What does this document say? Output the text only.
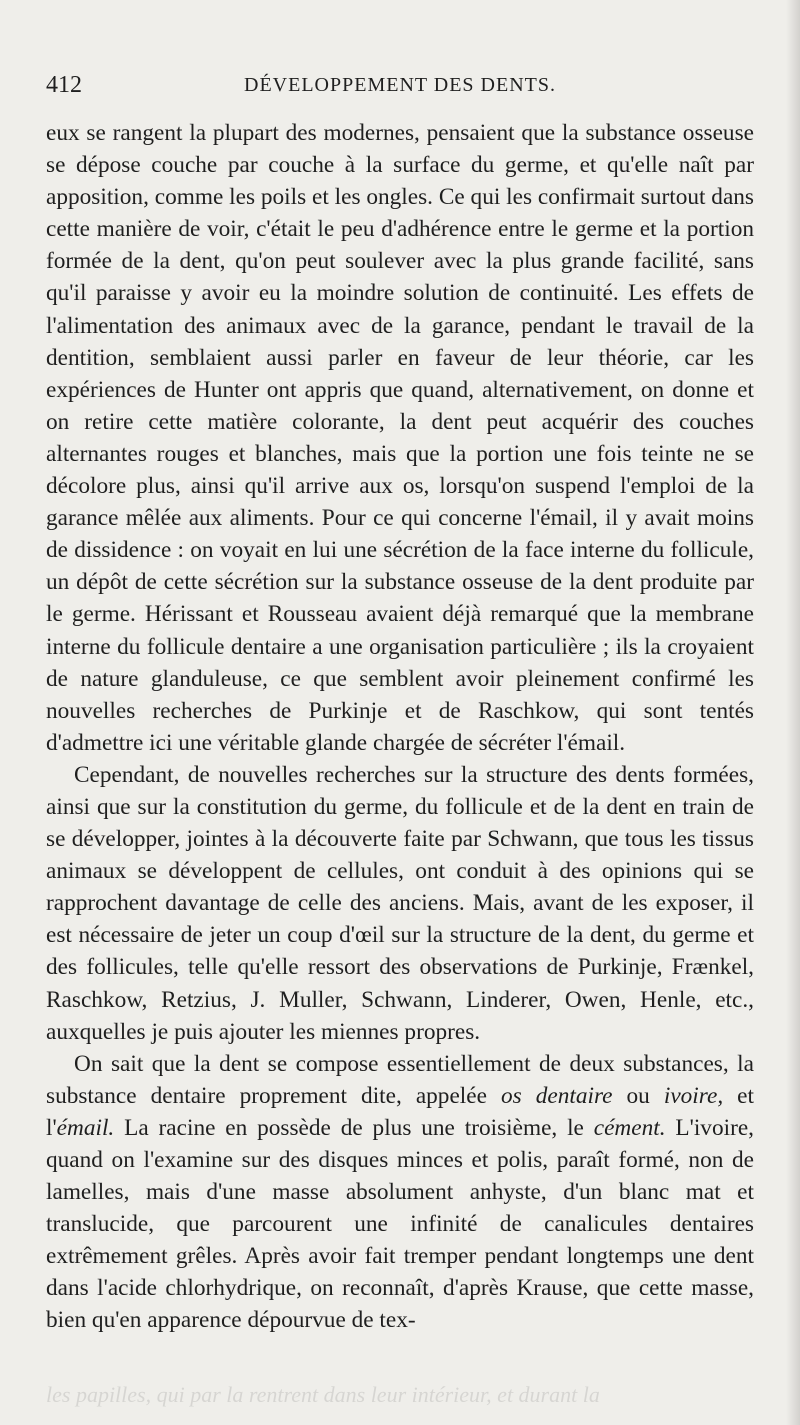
412	DÉVELOPPEMENT DES DENTS.

eux se rangent la plupart des modernes, pensaient que la substance osseuse se dépose couche par couche à la surface du germe, et qu'elle naît par apposition, comme les poils et les ongles. Ce qui les confirmait surtout dans cette manière de voir, c'était le peu d'adhérence entre le germe et la portion formée de la dent, qu'on peut soulever avec la plus grande facilité, sans qu'il paraisse y avoir eu la moindre solution de continuité. Les effets de l'alimentation des animaux avec de la garance, pendant le travail de la dentition, semblaient aussi parler en faveur de leur théorie, car les expériences de Hunter ont appris que quand, alternativement, on donne et on retire cette matière colorante, la dent peut acquérir des couches alternantes rouges et blanches, mais que la portion une fois teinte ne se décolore plus, ainsi qu'il arrive aux os, lorsqu'on suspend l'emploi de la garance mêlée aux aliments. Pour ce qui concerne l'émail, il y avait moins de dissidence : on voyait en lui une sécrétion de la face interne du follicule, un dépôt de cette sécrétion sur la substance osseuse de la dent produite par le germe. Hérissant et Rousseau avaient déjà remarqué que la membrane interne du follicule dentaire a une organisation particulière ; ils la croyaient de nature glanduleuse, ce que semblent avoir pleinement confirmé les nouvelles recherches de Purkinje et de Raschkow, qui sont tentés d'admettre ici une véritable glande chargée de sécréter l'émail.

Cependant, de nouvelles recherches sur la structure des dents formées, ainsi que sur la constitution du germe, du follicule et de la dent en train de se développer, jointes à la découverte faite par Schwann, que tous les tissus animaux se développent de cellules, ont conduit à des opinions qui se rapprochent davantage de celle des anciens. Mais, avant de les exposer, il est nécessaire de jeter un coup d'œil sur la structure de la dent, du germe et des follicules, telle qu'elle ressort des observations de Purkinje, Frænkel, Raschkow, Retzius, J. Muller, Schwann, Linderer, Owen, Henle, etc., auxquelles je puis ajouter les miennes propres.

On sait que la dent se compose essentiellement de deux substances, la substance dentaire proprement dite, appelée os dentaire ou ivoire, et l'émail. La racine en possède de plus une troisième, le cément. L'ivoire, quand on l'examine sur des disques minces et polis, paraît formé, non de lamelles, mais d'une masse absolument anhyste, d'un blanc mat et translucide, que parcourent une infinité de canalicules dentaires extrêmement grêles. Après avoir fait tremper pendant longtemps une dent dans l'acide chlorhydrique, on reconnaît, d'après Krause, que cette masse, bien qu'en apparence dépourvue de tex-

les papilles, qui par la rentrent dans leur intérieur, et durant la
